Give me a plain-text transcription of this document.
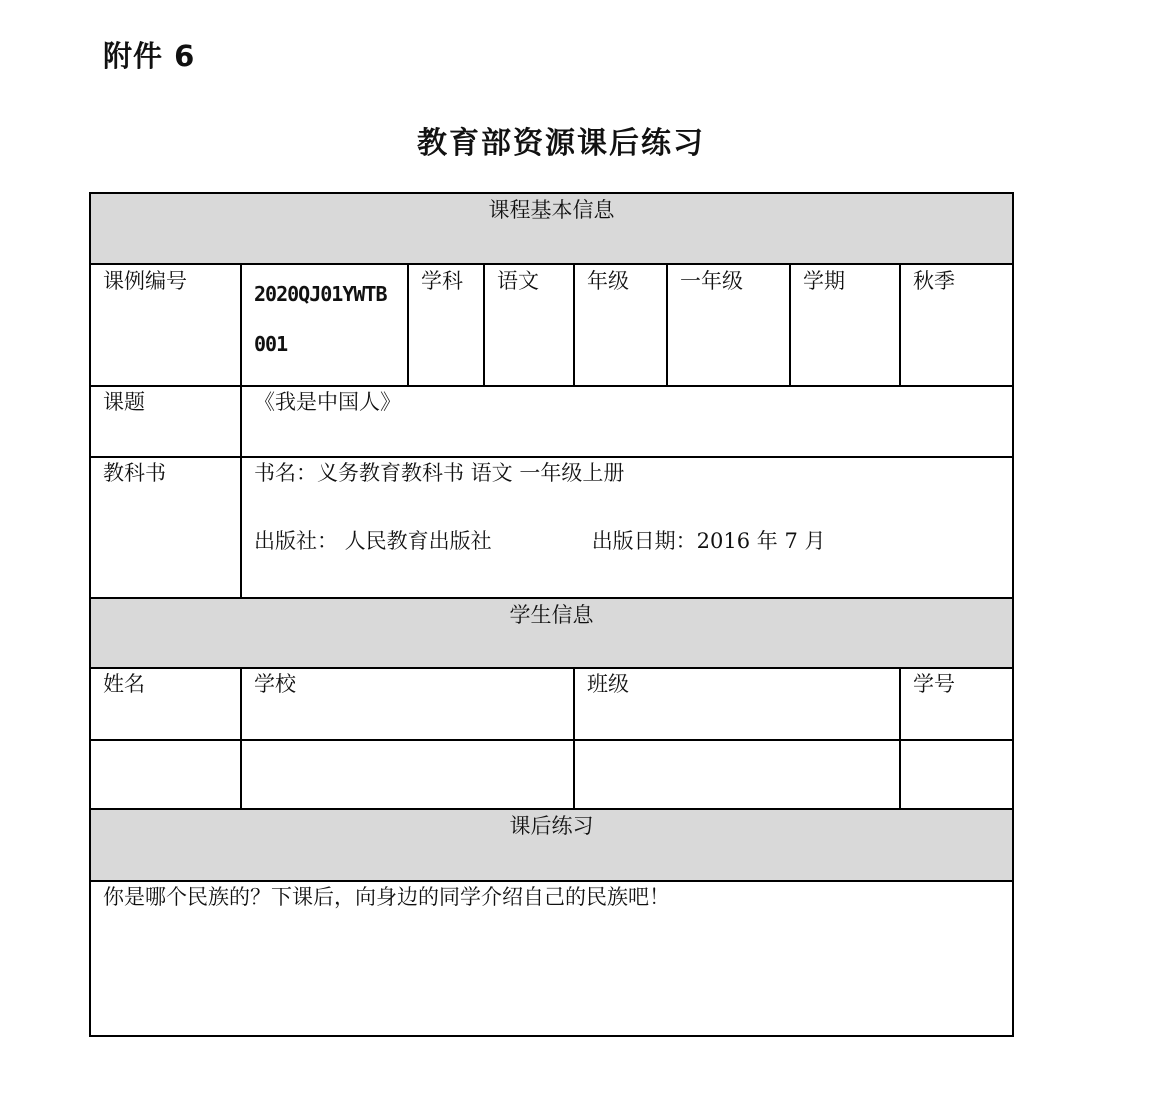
附件 6
教育部资源课后练习
课程基本信息							
课例编号	2020QJ01YWTB001	学科	语文	年级	一年级	学期	秋季
课题	《我是中国人》						
教科书	书名：义务教育教科书 语文 一年级上册
出版社： 人民教育出版社 出版日期：2016 年 7 月						

学生信息							
姓名	学校			班级			学号

课后练习							
你是哪个民族的？下课后，向身边的同学介绍自己的民族吧！							
